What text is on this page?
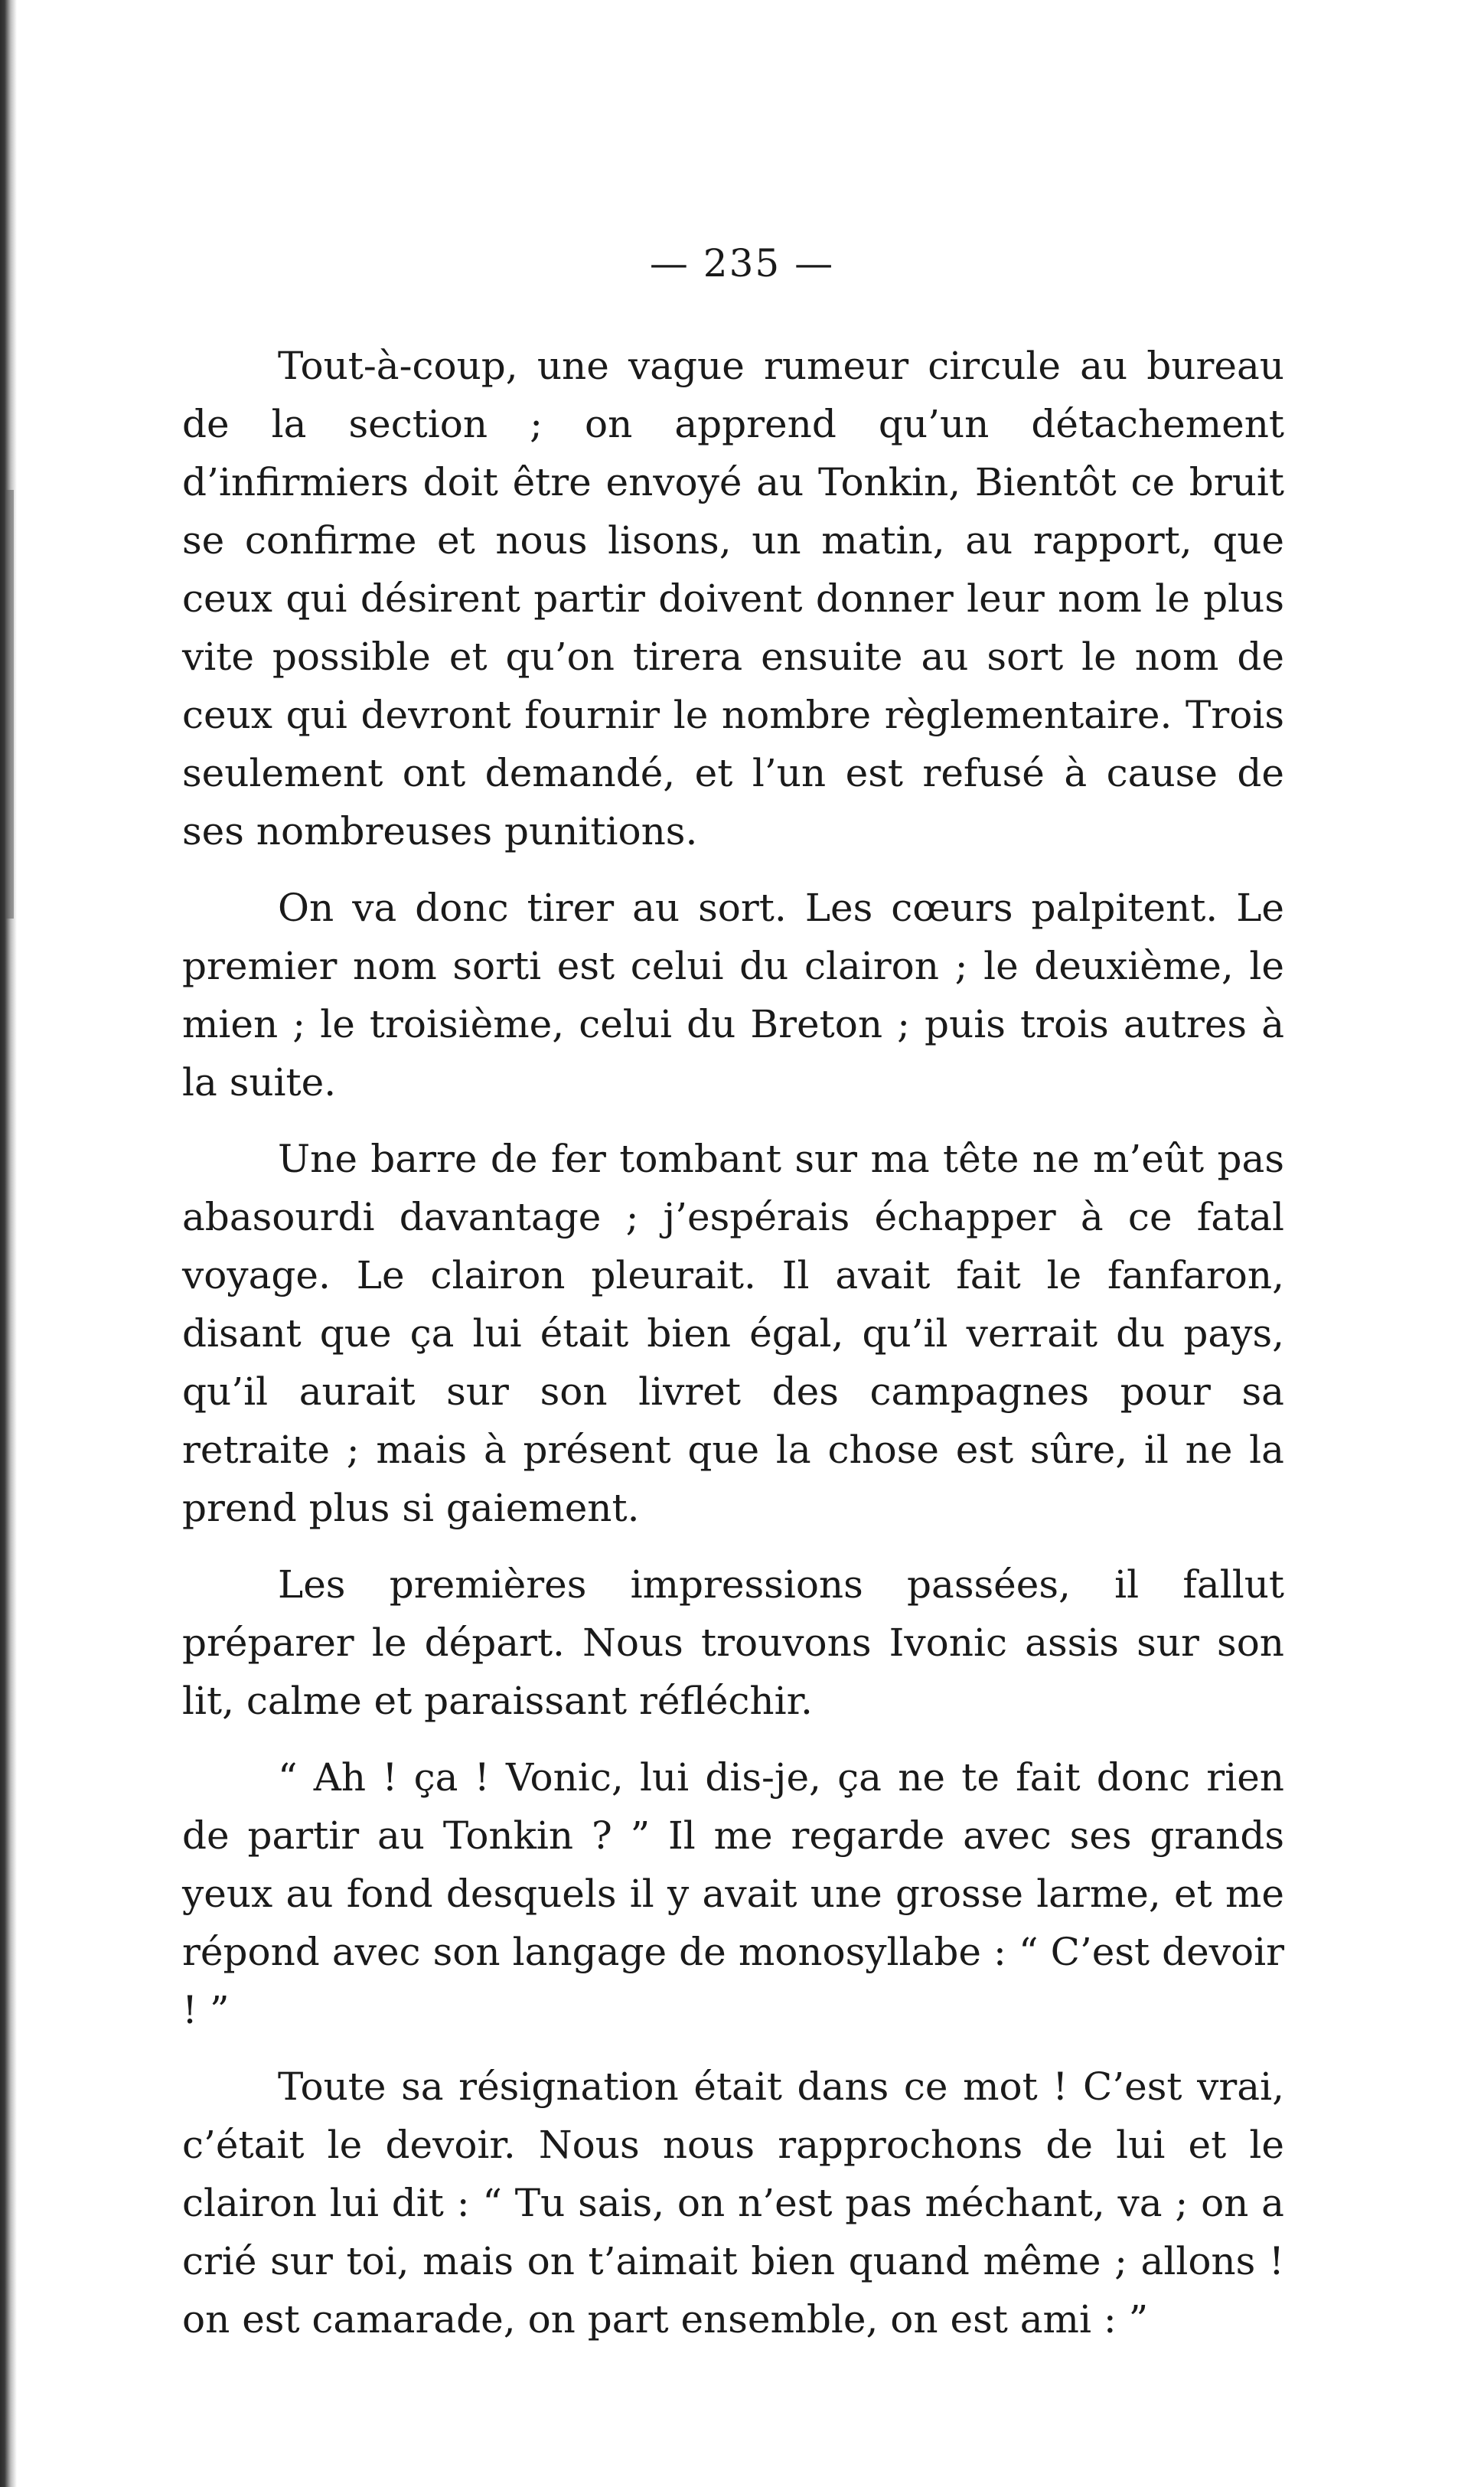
— 235 —

Tout-à-coup, une vague rumeur circule au bureau de la section ; on apprend qu’un détachement d’infirmiers doit être envoyé au Tonkin, Bientôt ce bruit se confirme et nous lisons, un matin, au rapport, que ceux qui désirent partir doivent donner leur nom le plus vite possible et qu’on tirera ensuite au sort le nom de ceux qui devront fournir le nombre règlementaire. Trois seulement ont demandé, et l’un est refusé à cause de ses nombreuses punitions.

On va donc tirer au sort. Les cœurs palpitent. Le premier nom sorti est celui du clairon ; le deuxième, le mien ; le troisième, celui du Breton ; puis trois autres à la suite.

Une barre de fer tombant sur ma tête ne m’eût pas abasourdi davantage ; j’espérais échapper à ce fatal voyage. Le clairon pleurait. Il avait fait le fanfaron, disant que ça lui était bien égal, qu’il verrait du pays, qu’il aurait sur son livret des campagnes pour sa retraite ; mais à présent que la chose est sûre, il ne la prend plus si gaiement.

Les premières impressions passées, il fallut préparer le départ. Nous trouvons Ivonic assis sur son lit, calme et paraissant réfléchir.

“ Ah ! ça ! Vonic, lui dis-je, ça ne te fait donc rien de partir au Tonkin ? ” Il me regarde avec ses grands yeux au fond desquels il y avait une grosse larme, et me répond avec son langage de monosyllabe : “ C’est devoir ! ”

Toute sa résignation était dans ce mot ! C’est vrai, c’était le devoir. Nous nous rapprochons de lui et le clairon lui dit : “ Tu sais, on n’est pas méchant, va ; on a crié sur toi, mais on t’aimait bien quand même ; allons ! on est camarade, on part ensemble, on est ami : ”
